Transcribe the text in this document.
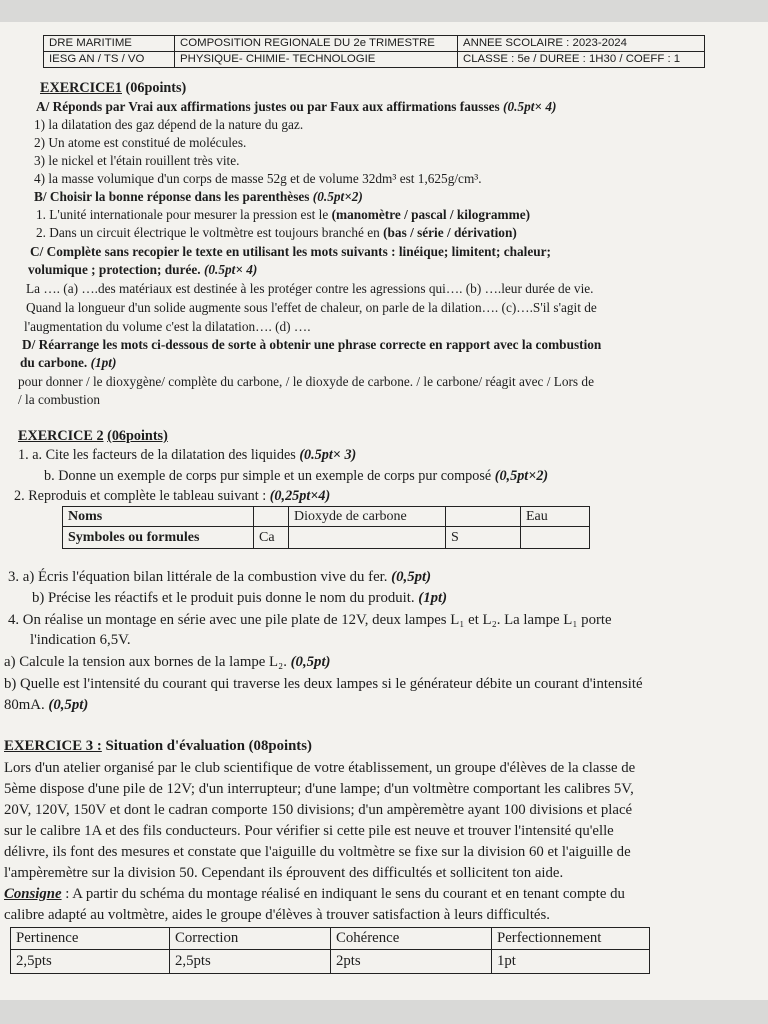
DRE MARITIME	COMPOSITION REGIONALE DU 2e TRIMESTRE	ANNEE SCOLAIRE : 2023-2024
IESG AN / TS / VO	PHYSIQUE- CHIMIE- TECHNOLOGIE	CLASSE : 5e / DUREE : 1H30 / COEFF : 1
EXERCICE1 (06points)
A/ Réponds par Vrai aux affirmations justes ou par Faux aux affirmations fausses (0.5pt× 4)
1) la dilatation des gaz dépend de la nature du gaz.
2) Un atome est constitué de molécules.
3) le nickel et l'étain rouillent très vite.
4) la masse volumique d'un corps de masse 52g et de volume 32dm³ est 1,625g/cm³.
B/ Choisir la bonne réponse dans les parenthèses (0.5pt×2)
1. L'unité internationale pour mesurer la pression est le (manomètre / pascal / kilogramme)
2. Dans un circuit électrique le voltmètre est toujours branché en (bas / série / dérivation)
C/ Complète sans recopier le texte en utilisant les mots suivants : linéique; limitent; chaleur;
volumique ; protection; durée. (0.5pt× 4)
La …. (a) ….des matériaux est destinée à les protéger contre les agressions qui…. (b) ….leur durée de vie.
Quand la longueur d'un solide augmente sous l'effet de chaleur, on parle de la dilation…. (c)….S'il s'agit de
l'augmentation du volume c'est la dilatation…. (d) ….
D/ Réarrange les mots ci-dessous de sorte à obtenir une phrase correcte en rapport avec la combustion
du carbone. (1pt)
pour donner / le dioxygène/ complète du carbone, / le dioxyde de carbone. / le carbone/ réagit avec / Lors de
/ la combustion
EXERCICE 2 (06points)
1. a. Cite les facteurs de la dilatation des liquides (0.5pt× 3)
b. Donne un exemple de corps pur simple et un exemple de corps pur composé (0,5pt×2)
2. Reproduis et complète le tableau suivant : (0,25pt×4)
Noms		Dioxyde de carbone		Eau
Symboles ou formules	Ca		S	
3. a) Écris l'équation bilan littérale de la combustion vive du fer. (0,5pt)
b) Précise les réactifs et le produit puis donne le nom du produit. (1pt)
4. On réalise un montage en série avec une pile plate de 12V, deux lampes L₁ et L₂. La lampe L₁ porte
l'indication 6,5V.
a) Calcule la tension aux bornes de la lampe L₂. (0,5pt)
b) Quelle est l'intensité du courant qui traverse les deux lampes si le générateur débite un courant d'intensité
80mA. (0,5pt)
EXERCICE 3 : Situation d'évaluation (08points)
Lors d'un atelier organisé par le club scientifique de votre établissement, un groupe d'élèves de la classe de
5ème dispose d'une pile de 12V; d'un interrupteur; d'une lampe; d'un voltmètre comportant les calibres 5V,
20V, 120V, 150V et dont le cadran comporte 150 divisions; d'un ampèremètre ayant 100 divisions et placé
sur le calibre 1A et des fils conducteurs. Pour vérifier si cette pile est neuve et trouver l'intensité qu'elle
délivre, ils font des mesures et constate que l'aiguille du voltmètre se fixe sur la division 60 et l'aiguille de
l'ampèremètre sur la division 50. Cependant ils éprouvent des difficultés et sollicitent ton aide.
Consigne : A partir du schéma du montage réalisé en indiquant le sens du courant et en tenant compte du
calibre adapté au voltmètre, aides le groupe d'élèves à trouver satisfaction à leurs difficultés.
Pertinence	Correction	Cohérence	Perfectionnement
2,5pts	2,5pts	2pts	1pt
